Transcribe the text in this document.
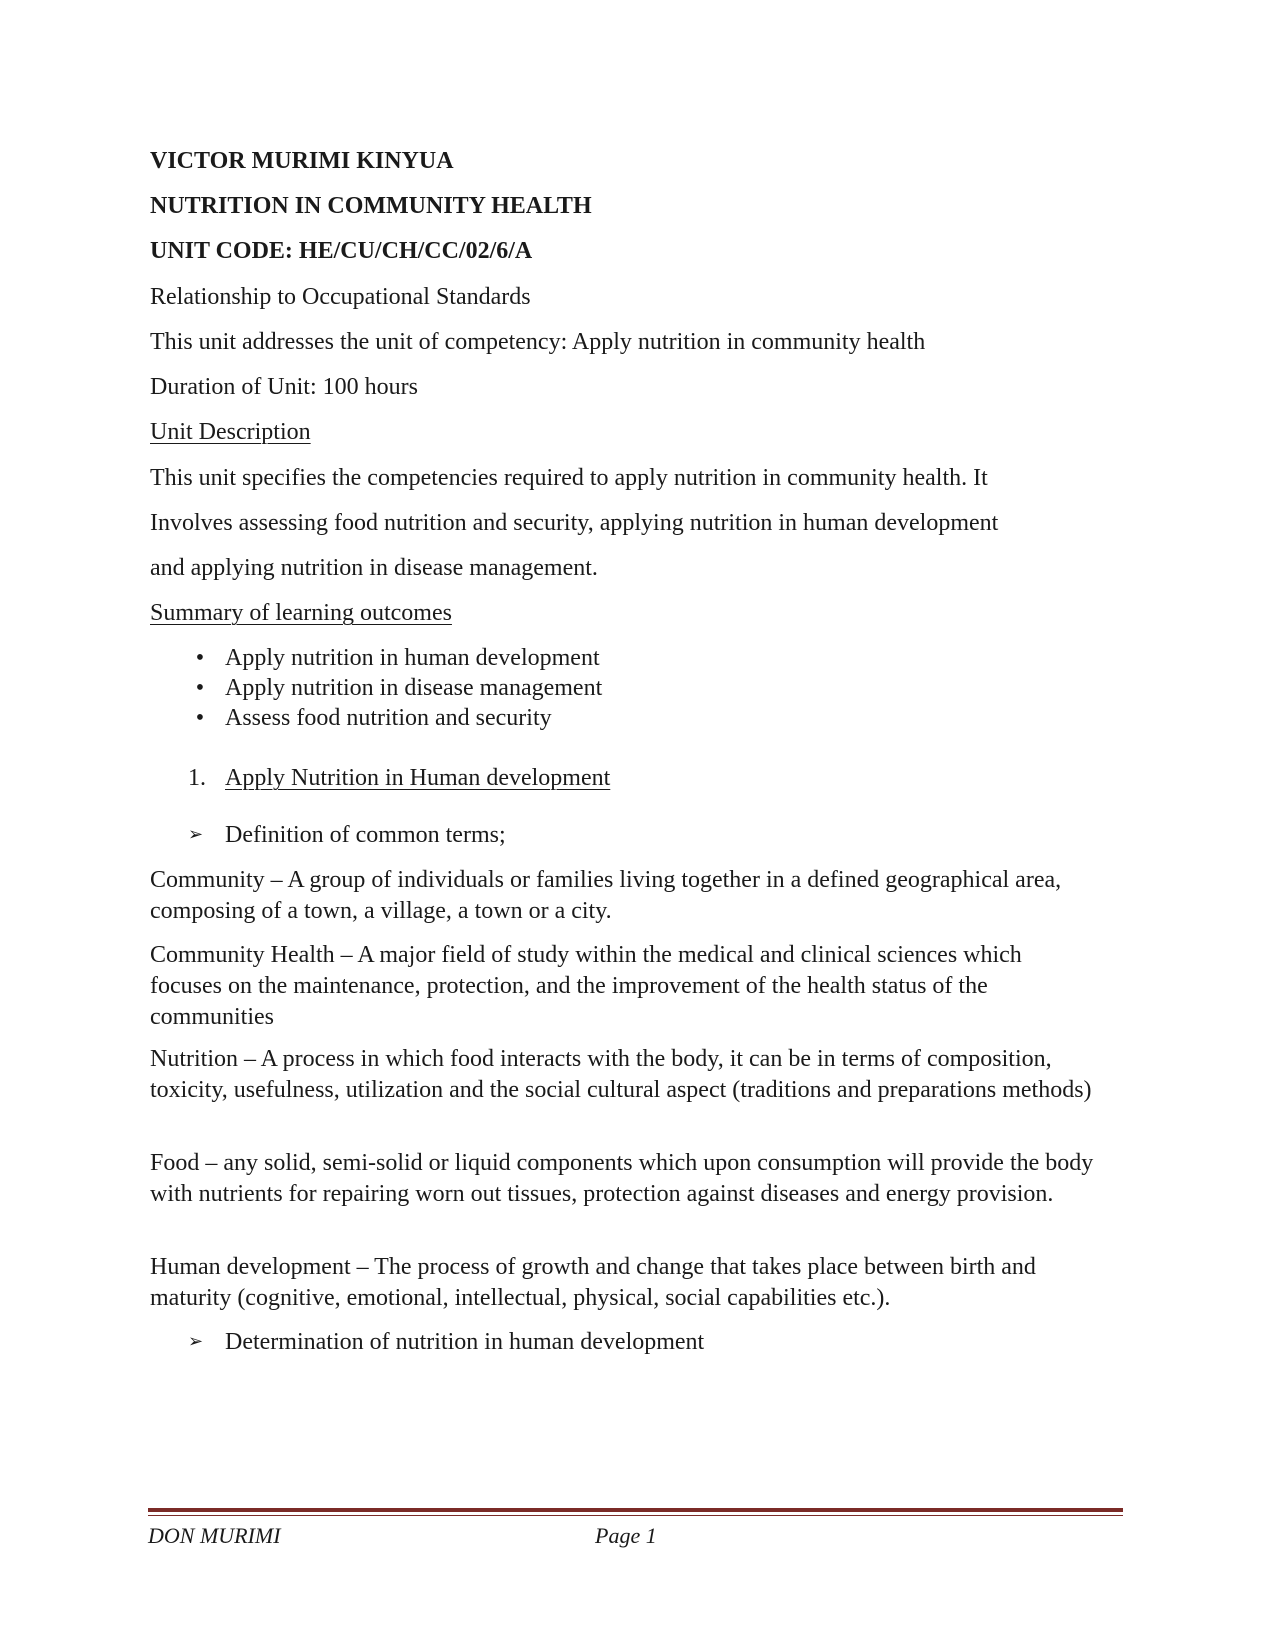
VICTOR MURIMI KINYUA
NUTRITION IN COMMUNITY HEALTH
UNIT CODE: HE/CU/CH/CC/02/6/A
Relationship to Occupational Standards
This unit addresses the unit of competency: Apply nutrition in community health
Duration of Unit: 100 hours
Unit Description
This unit specifies the competencies required to apply nutrition in community health. It
Involves assessing food nutrition and security, applying nutrition in human development
and applying nutrition in disease management.
Summary of learning outcomes
• Apply nutrition in human development
• Apply nutrition in disease management
• Assess food nutrition and security
1. Apply Nutrition in Human development
➢ Definition of common terms;
Community – A group of individuals or families living together in a defined geographical area, composing of a town, a village, a town or a city.
Community Health – A major field of study within the medical and clinical sciences which focuses on the maintenance, protection, and the improvement of the health status of the communities
Nutrition – A process in which food interacts with the body, it can be in terms of composition, toxicity, usefulness, utilization and the social cultural aspect (traditions and preparations methods)
Food – any solid, semi-solid or liquid components which upon consumption will provide the body with nutrients for repairing worn out tissues, protection against diseases and energy provision.
Human development – The process of growth and change that takes place between birth and maturity (cognitive, emotional, intellectual, physical, social capabilities etc.).
➢ Determination of nutrition in human development
DON MURIMI	Page 1
